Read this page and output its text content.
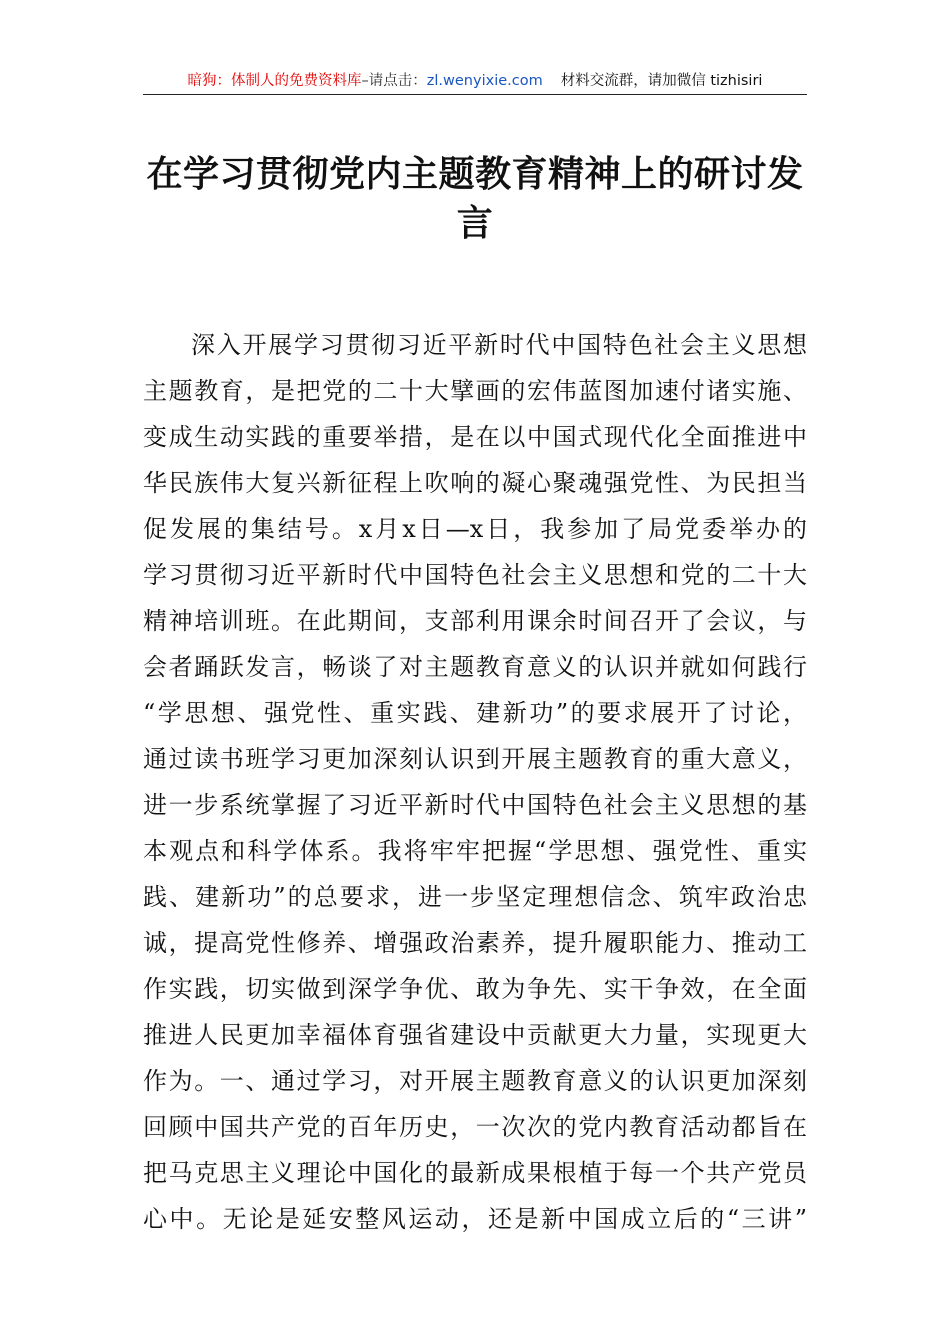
暗狗：体制人的免费资料库–请点击：zl.wenyixie.com 材料交流群，请加微信 tizhisiri
在学习贯彻党内主题教育精神上的研讨发
言
深入开展学习贯彻习近平新时代中国特色社会主义思想
主题教育，是把党的二十大擘画的宏伟蓝图加速付诸实施、
变成生动实践的重要举措，是在以中国式现代化全面推进中
华民族伟大复兴新征程上吹响的凝心聚魂强党性、为民担当
促发展的集结号。x月x日—x日，我参加了局党委举办的
学习贯彻习近平新时代中国特色社会主义思想和党的二十大
精神培训班。在此期间，支部利用课余时间召开了会议，与
会者踊跃发言，畅谈了对主题教育意义的认识并就如何践行
“学思想、强党性、重实践、建新功”的要求展开了讨论，
通过读书班学习更加深刻认识到开展主题教育的重大意义，
进一步系统掌握了习近平新时代中国特色社会主义思想的基
本观点和科学体系。我将牢牢把握“学思想、强党性、重实
践、建新功”的总要求，进一步坚定理想信念、筑牢政治忠
诚，提高党性修养、增强政治素养，提升履职能力、推动工
作实践，切实做到深学争优、敢为争先、实干争效，在全面
推进人民更加幸福体育强省建设中贡献更大力量，实现更大
作为。一、通过学习，对开展主题教育意义的认识更加深刻
回顾中国共产党的百年历史，一次次的党内教育活动都旨在
把马克思主义理论中国化的最新成果根植于每一个共产党员
心中。无论是延安整风运动，还是新中国成立后的“三讲”
